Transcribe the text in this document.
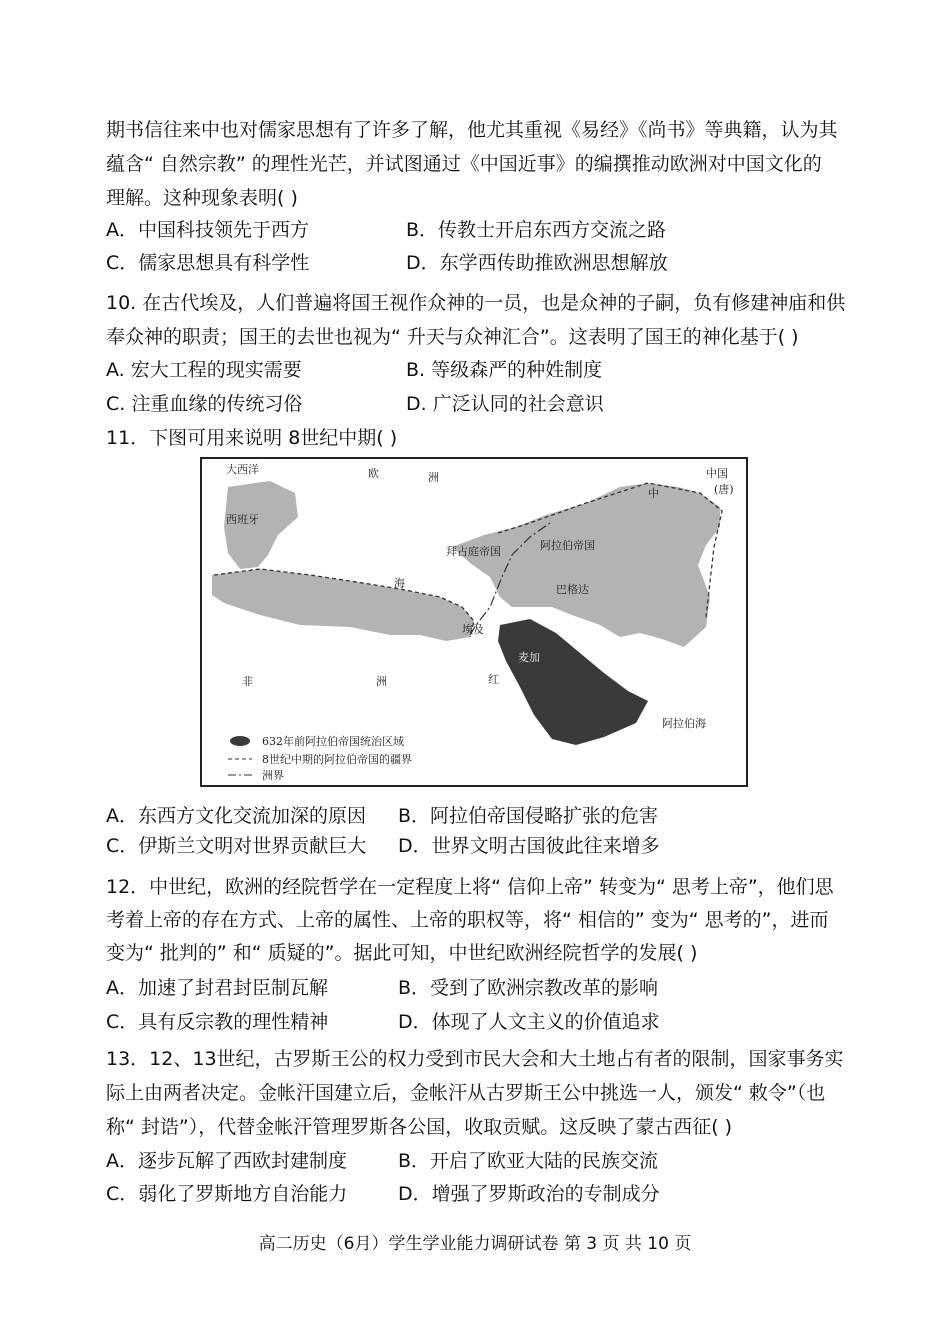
期书信往来中也对儒家思想有了许多了解，他尤其重视《易经》《尚书》等典籍，认为其
蕴含“ 自然宗教” 的理性光芒，并试图通过《中国近事》的编撰推动欧洲对中国文化的
理解。这种现象表明( )
A．中国科技领先于西方	B．传教士开启东西方交流之路
C．儒家思想具有科学性	D．东学西传助推欧洲思想解放
10. 在古代埃及，人们普遍将国王视作众神的一员，也是众神的子嗣，负有修建神庙和供
奉众神的职责；国王的去世也视为“ 升天与众神汇合”。这表明了国王的神化基于( )
A. 宏大工程的现实需要	B. 等级森严的种姓制度
C. 注重血缘的传统习俗	D. 广泛认同的社会意识
11．下图可用来说明 8世纪中期( )
632年前阿拉伯帝国统治区域
8世纪中期的阿拉伯帝国的疆界
洲界
大西洋	欧	洲	中国
(唐)
中
西班牙
拜占庭帝国	阿拉伯帝国
巴格达
埃及
非	洲
麦加
阿拉伯海
海
红
A．东西方文化交流加深的原因 B．阿拉伯帝国侵略扩张的危害
C．伊斯兰文明对世界贡献巨大 D．世界文明古国彼此往来增多
12．中世纪，欧洲的经院哲学在一定程度上将“ 信仰上帝” 转变为“ 思考上帝”，他们思
考着上帝的存在方式、上帝的属性、上帝的职权等，将“ 相信的” 变为“ 思考的”，进而
变为“ 批判的” 和“ 质疑的”。据此可知，中世纪欧洲经院哲学的发展( )
A．加速了封君封臣制瓦解	B．受到了欧洲宗教改革的影响
C．具有反宗教的理性精神	D．体现了人文主义的价值追求
13．12、13世纪，古罗斯王公的权力受到市民大会和大土地占有者的限制，国家事务实
际上由两者决定。金帐汗国建立后，金帐汗从古罗斯王公中挑选一人，颁发“ 敕令”（也
称“ 封诰”），代替金帐汗管理罗斯各公国，收取贡赋。这反映了蒙古西征( )
A．逐步瓦解了西欧封建制度	B．开启了欧亚大陆的民族交流
C．弱化了罗斯地方自治能力	D．增强了罗斯政治的专制成分
高二历史（6月）学生学业能力调研试卷 第 3 页 共 10 页
